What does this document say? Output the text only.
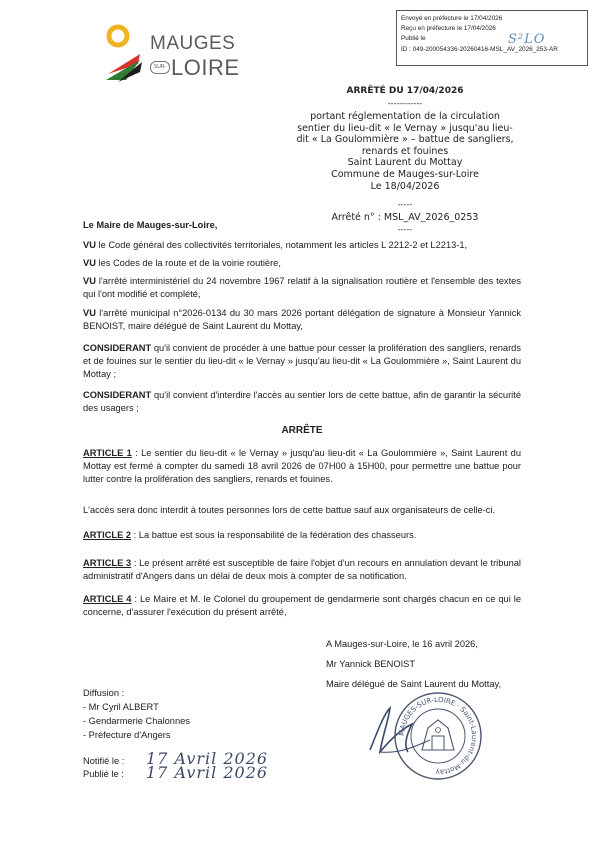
MAUGES
LOIRE
SUR-
Envoyé en préfecture le 17/04/2026
Reçu en préfecture le 17/04/2026
Publié le
ID : 049-200054336-20260416-MSL_AV_2026_253-AR
S²LO
ARRÊTÉ DU 17/04/2026
------------
portant réglementation de la circulation
sentier du lieu-dit « le Vernay » jusqu'au lieu-
dit « La Goulommière » – battue de sangliers,
renards et fouines
Saint Laurent du Mottay
Commune de Mauges-sur-Loire
Le 18/04/2026
-----
Arrêté n° : MSL_AV_2026_0253
-----
Le Maire de Mauges-sur-Loire,
VU le Code général des collectivités territoriales, notamment les articles L 2212-2 et L2213-1,
VU les Codes de la route et de la voirie routière,
VU l'arrêté interministériel du 24 novembre 1967 relatif à la signalisation routière et l'ensemble des textes qui l'ont modifié et complété,
VU l'arrêté municipal n°2026-0134 du 30 mars 2026 portant délégation de signature à Monsieur Yannick BENOIST, maire délégué de Saint Laurent du Mottay,
CONSIDERANT qu'il convient de procéder à une battue pour cesser la prolifération des sangliers, renards et de fouines sur le sentier du lieu-dit « le Vernay » jusqu'au lieu-dit « La Goulommière », Saint Laurent du Mottay ;
CONSIDERANT qu'il convient d'interdire l'accès au sentier lors de cette battue, afin de garantir la sécurité des usagers ;
ARRÊTE
ARTICLE 1 : Le sentier du lieu-dit « le Vernay » jusqu'au lieu-dit « La Goulommière », Saint Laurent du Mottay est fermé à compter du samedi 18 avril 2026 de 07H00 à 15H00, pour permettre une battue pour lutter contre la prolifération des sangliers, renards et fouines.
L'accès sera donc interdit à toutes personnes lors de cette battue sauf aux organisateurs de celle-ci.
ARTICLE 2 : La battue est sous la responsabilité de la fédération des chasseurs.
ARTICLE 3 : Le présent arrêté est susceptible de faire l'objet d'un recours en annulation devant le tribunal administratif d'Angers dans un délai de deux mois à compter de sa notification.
ARTICLE 4 : Le Maire et M. le Colonel du groupement de gendarmerie sont chargés chacun en ce qui le concerne, d'assurer l'exécution du présent arrêté,
A Mauges-sur-Loire, le 16 avril 2026,
Mr Yannick BENOIST
Maire délégué de Saint Laurent du Mottay,
MAUGES-SUR-LOIRE · Saint-Laurent-du-Mottay
Diffusion :
- Mr Cyril ALBERT
- Gendarmerie Chalonnes
- Préfecture d'Angers
Notifié le : 17 Avril 2026
Publié le : 17 Avril 2026
